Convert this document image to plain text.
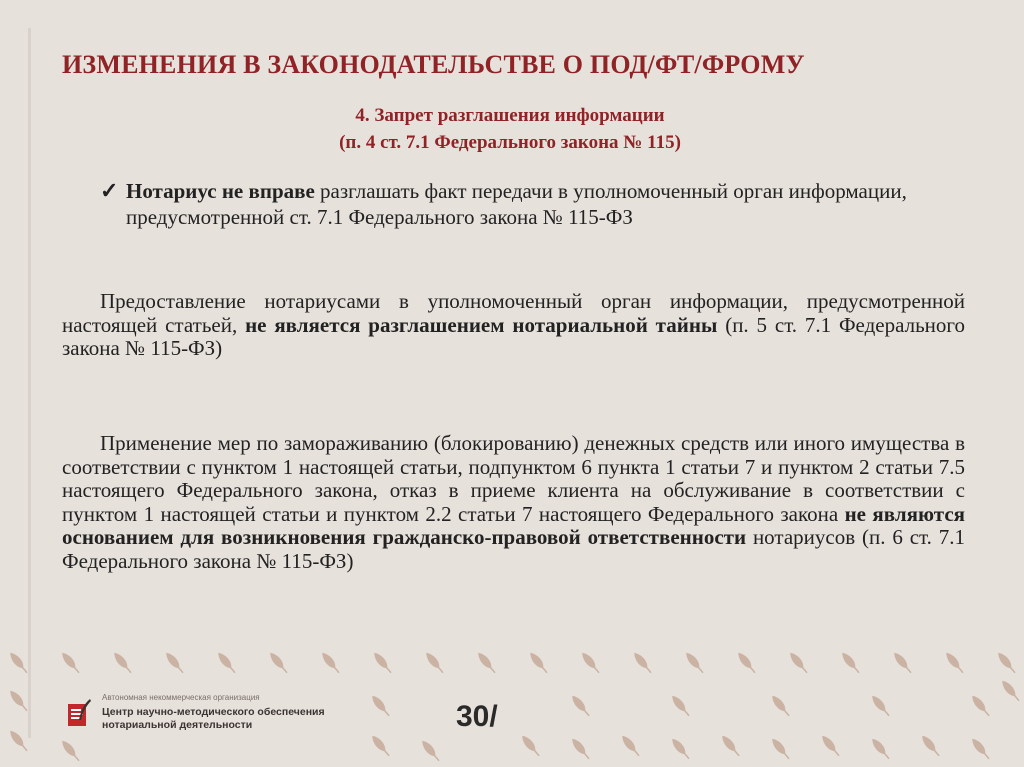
ИЗМЕНЕНИЯ В ЗАКОНОДАТЕЛЬСТВЕ О ПОД/ФТ/ФРОМУ
4. Запрет разглашения информации
(п. 4 ст. 7.1 Федерального закона № 115)
✓ Нотариус не вправе разглашать факт передачи в уполномоченный орган информации, предусмотренной ст. 7.1 Федерального закона № 115-ФЗ
Предоставление нотариусами в уполномоченный орган информации, предусмотренной настоящей статьей, не является разглашением нотариальной тайны (п. 5 ст. 7.1 Федерального закона № 115-ФЗ)
Применение мер по замораживанию (блокированию) денежных средств или иного имущества в соответствии с пунктом 1 настоящей статьи, подпунктом 6 пункта 1 статьи 7 и пунктом 2 статьи 7.5 настоящего Федерального закона, отказ в приеме клиента на обслуживание в соответствии с пунктом 1 настоящей статьи и пунктом 2.2 статьи 7 настоящего Федерального закона не являются основанием для возникновения гражданско-правовой ответственности нотариусов (п. 6 ст. 7.1 Федерального закона № 115-ФЗ)
Автономная некоммерческая организация
Центр научно-методического обеспечения нотариальной деятельности	30/
